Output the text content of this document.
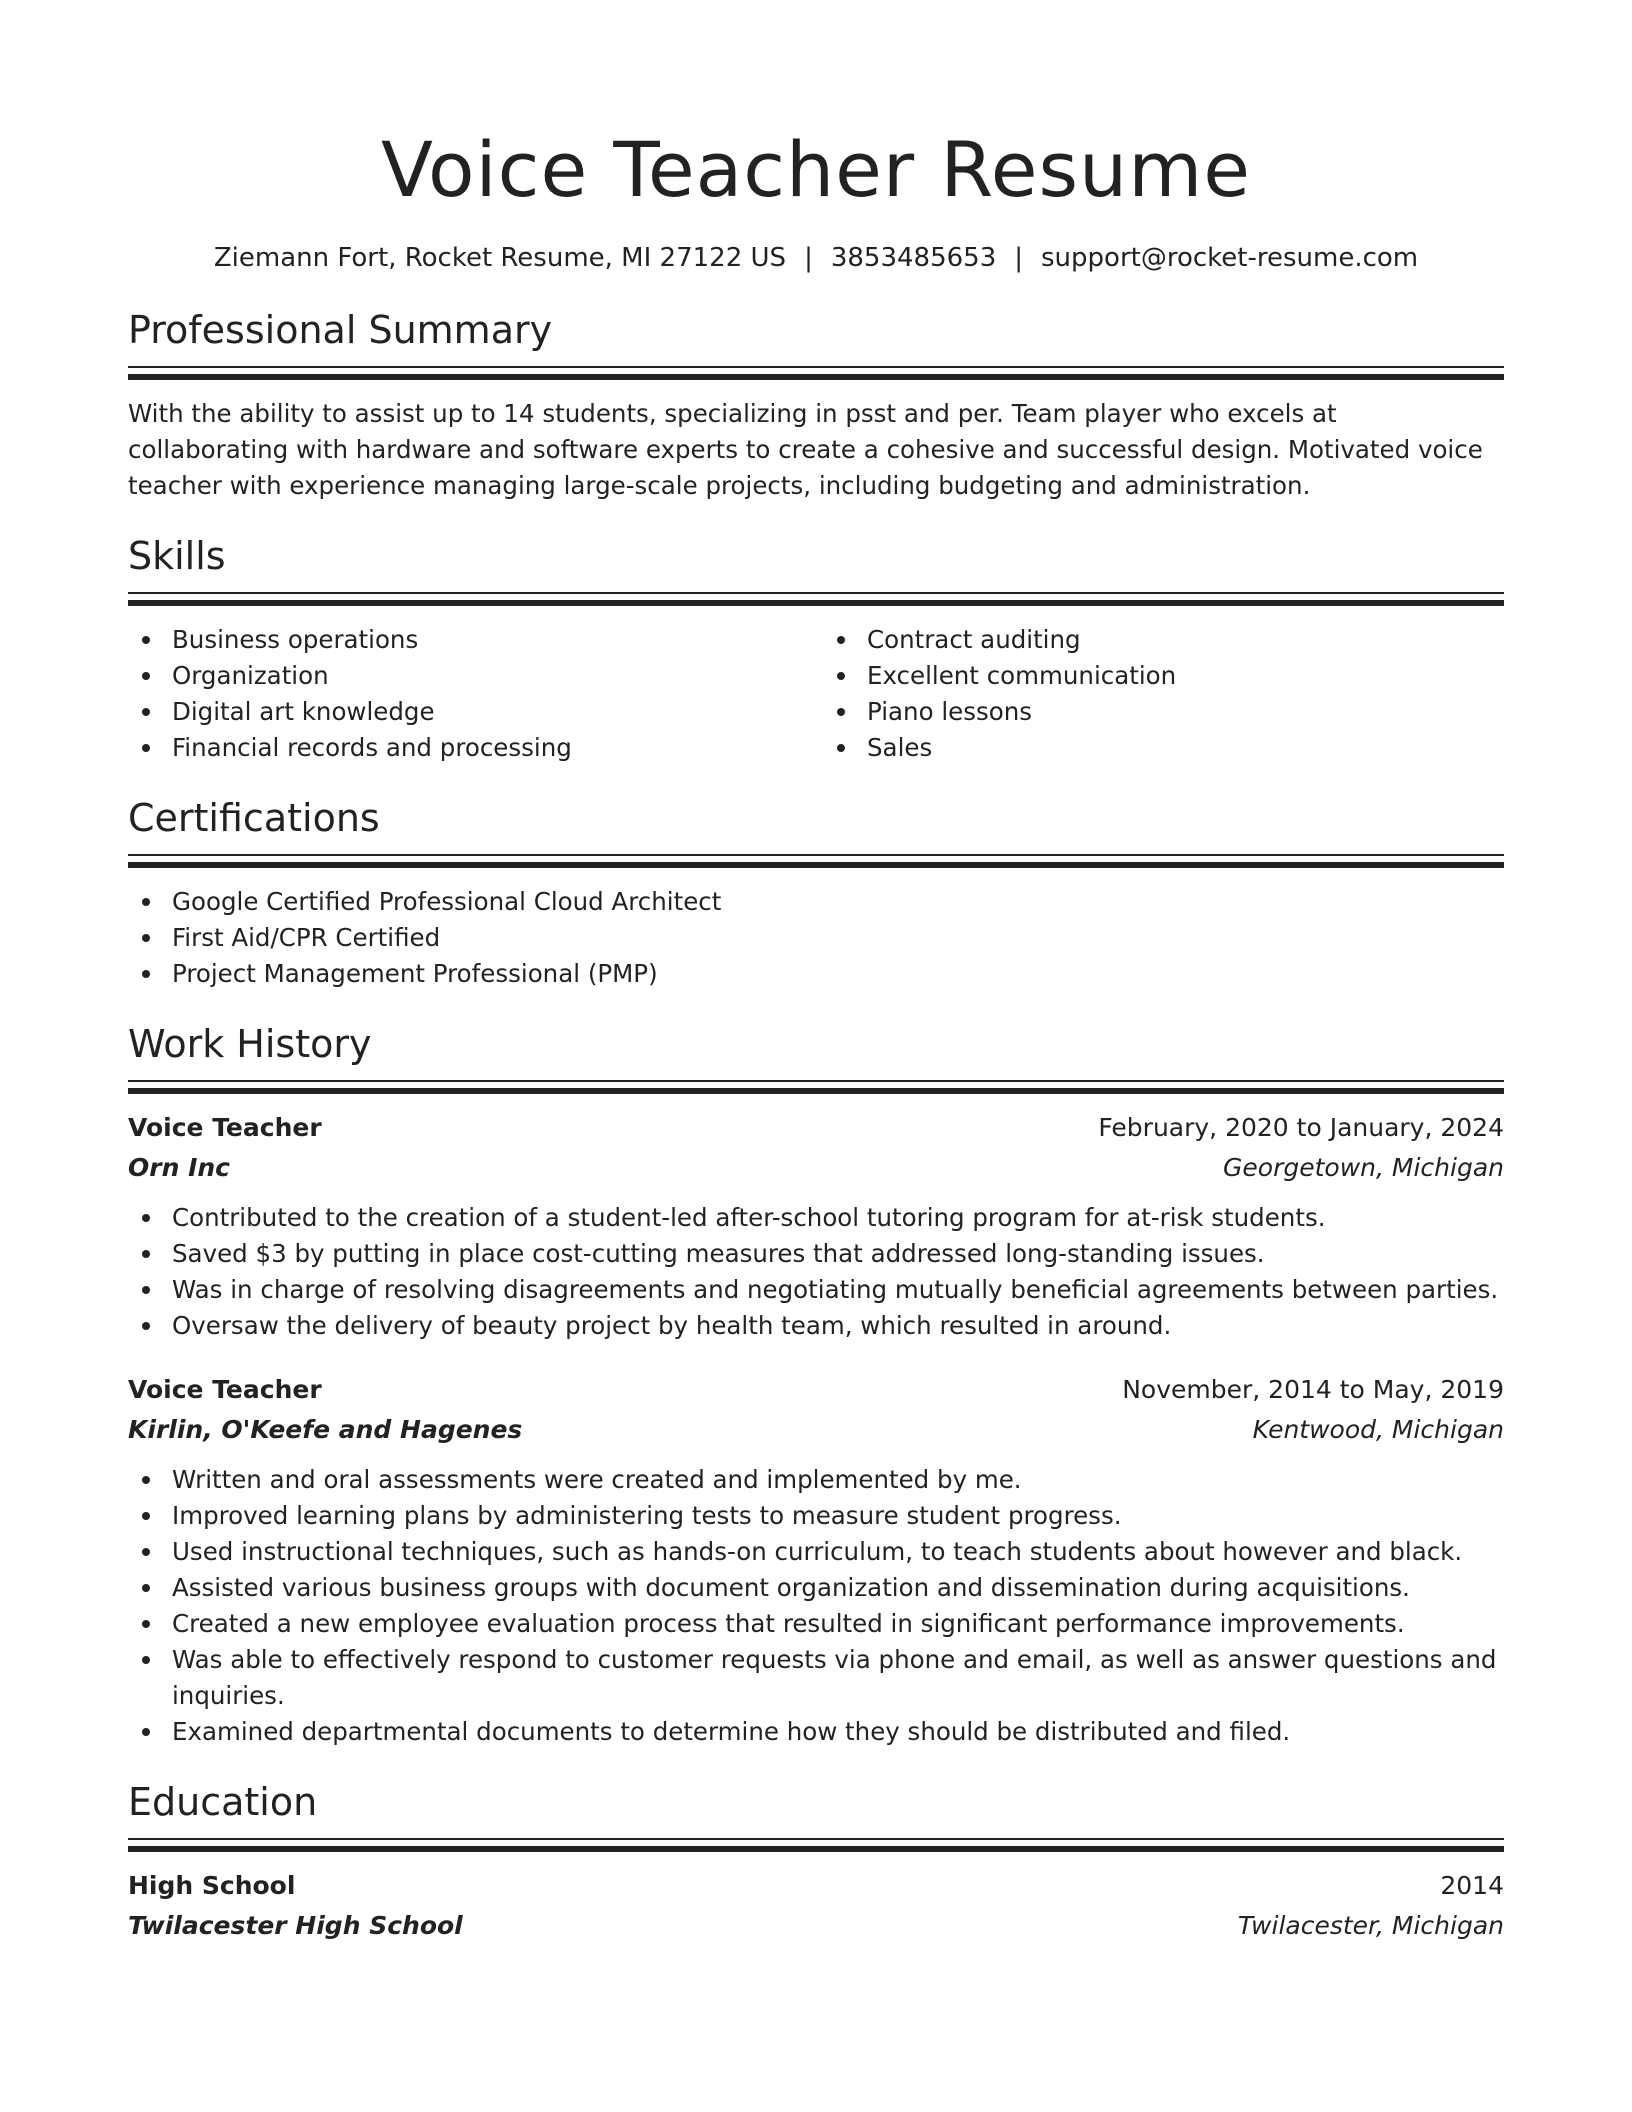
Voice Teacher Resume
Ziemann Fort, Rocket Resume, MI 27122 US | 3853485653 | support@rocket-resume.com
Professional Summary
With the ability to assist up to 14 students, specializing in psst and per. Team player who excels at collaborating with hardware and software experts to create a cohesive and successful design. Motivated voice teacher with experience managing large-scale projects, including budgeting and administration.
Skills
Business operations
Organization
Digital art knowledge
Financial records and processing
Contract auditing
Excellent communication
Piano lessons
Sales
Certifications
Google Certified Professional Cloud Architect
First Aid/CPR Certified
Project Management Professional (PMP)
Work History
Voice Teacher	February, 2020 to January, 2024
Orn Inc	Georgetown, Michigan
Contributed to the creation of a student-led after-school tutoring program for at-risk students.
Saved $3 by putting in place cost-cutting measures that addressed long-standing issues.
Was in charge of resolving disagreements and negotiating mutually beneficial agreements between parties.
Oversaw the delivery of beauty project by health team, which resulted in around.
Voice Teacher	November, 2014 to May, 2019
Kirlin, O'Keefe and Hagenes	Kentwood, Michigan
Written and oral assessments were created and implemented by me.
Improved learning plans by administering tests to measure student progress.
Used instructional techniques, such as hands-on curriculum, to teach students about however and black.
Assisted various business groups with document organization and dissemination during acquisitions.
Created a new employee evaluation process that resulted in significant performance improvements.
Was able to effectively respond to customer requests via phone and email, as well as answer questions and inquiries.
Examined departmental documents to determine how they should be distributed and filed.
Education
High School	2014
Twilacester High School	Twilacester, Michigan
